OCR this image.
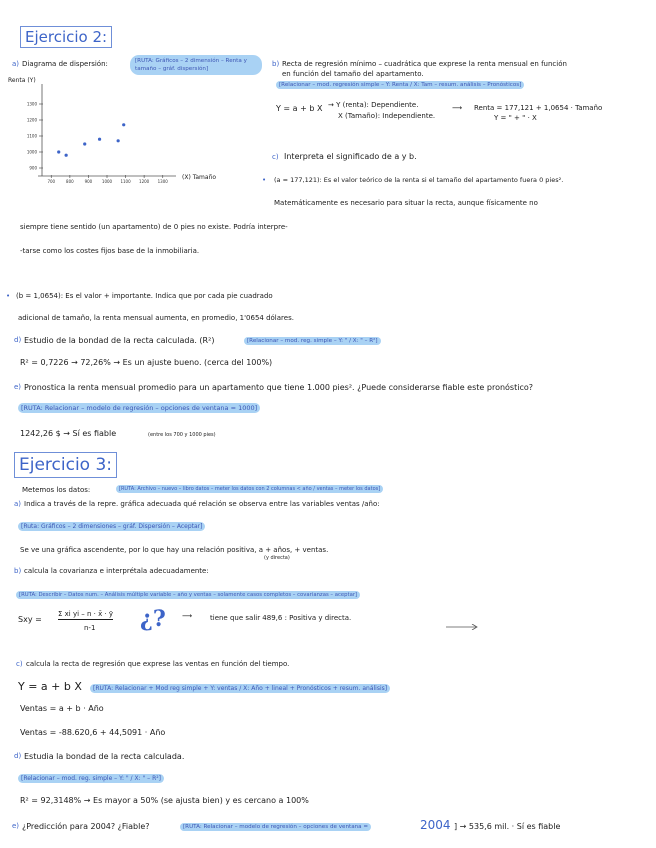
Ejercicio 2:
a) Diagrama de dispersión:	[RUTA: Gráficos – 2 dimensión – Renta y tamaño – gráf. dispersión]
Renta (Y)
1300
1200
1100
1000
900
700	800	900 1000 1100 1200 1300
(X) Tamaño
b) Recta de regresión mínimo – cuadrática que exprese la renta mensual en función
en función del tamaño del apartamento.
[Relacionar – mod. regresión simple – Y: Renta / X: Tam – resum. análisis – Pronósticos]
Y = a + b X → Y (renta): Dependiente.
X (Tamaño): Independiente.
⟶ Renta = 177,121 + 1,0654 · Tamaño
Y = " + " · X
c) Interpreta el significado de a y b.
• (a = 177,121): Es el valor teórico de la renta si el tamaño del apartamento fuera 0 pies².
Matemáticamente es necesario para situar la recta, aunque físicamente no
siempre tiene sentido (un apartamento) de 0 pies no existe. Podría interpre-
-tarse como los costes fijos base de la inmobiliaria.
• (b = 1,0654): Es el valor + importante. Indica que por cada pie cuadrado
adicional de tamaño, la renta mensual aumenta, en promedio, 1'0654 dólares.
d) Estudio de la bondad de la recta calculada. (R²)	[Relacionar – mod. reg. simple – Y: " / X: " – R²]
R² = 0,7226 → 72,26% → Es un ajuste bueno. (cerca del 100%)
e) Pronostica la renta mensual promedio para un apartamento que tiene 1.000 pies². ¿Puede considerarse fiable este pronóstico?
[RUTA: Relacionar – modelo de regresión – opciones de ventana = 1000]
1242,26 $ → Sí es fiable	(entre los 700 y 1000 pies)
Ejercicio 3:
Metemos los datos:	[RUTA: Archivo – nuevo – libro datos – meter los datos con 2 columnas < año / ventas – meter los datos]
a) Indica a través de la repre. gráfica adecuada qué relación se observa entre las variables ventas /año:
[Ruta: Gráficos – 2 dimensiones – gráf. Dispersión – Aceptar]
Se ve una gráfica ascendente, por lo que hay una relación positiva, a + años, + ventas.
(y directa)
b) calcula la covarianza e interprétala adecuadamente:
[RUTA: Describir – Datos num. – Análisis múltiple variable – año y ventas – solamente casos completos – covarianzas – aceptar]
Sxy =
Σ xi yi – n · x̄ · ȳ
n-1 ¿? ⟶	tiene que salir 489,6 : Positiva y directa.
c) calcula la recta de regresión que exprese las ventas en función del tiempo.
Y = a + b X	[RUTA: Relacionar + Mod reg simple + Y: ventas / X: Año + lineal + Pronósticos + resum. análisis]
Ventas = a + b · Año
Ventas = -88.620,6 + 44,5091 · Año
d) Estudia la bondad de la recta calculada.
[Relacionar – mod. reg. simple – Y: " / X: " – R²]
R² = 92,3148% → Es mayor a 50% (se ajusta bien) y es cercano a 100%
e) ¿Predicción para 2004? ¿Fiable?	[RUTA: Relacionar – modelo de regresión – opciones de ventana =	2004 ] → 535,6 mil. · Sí es fiable
